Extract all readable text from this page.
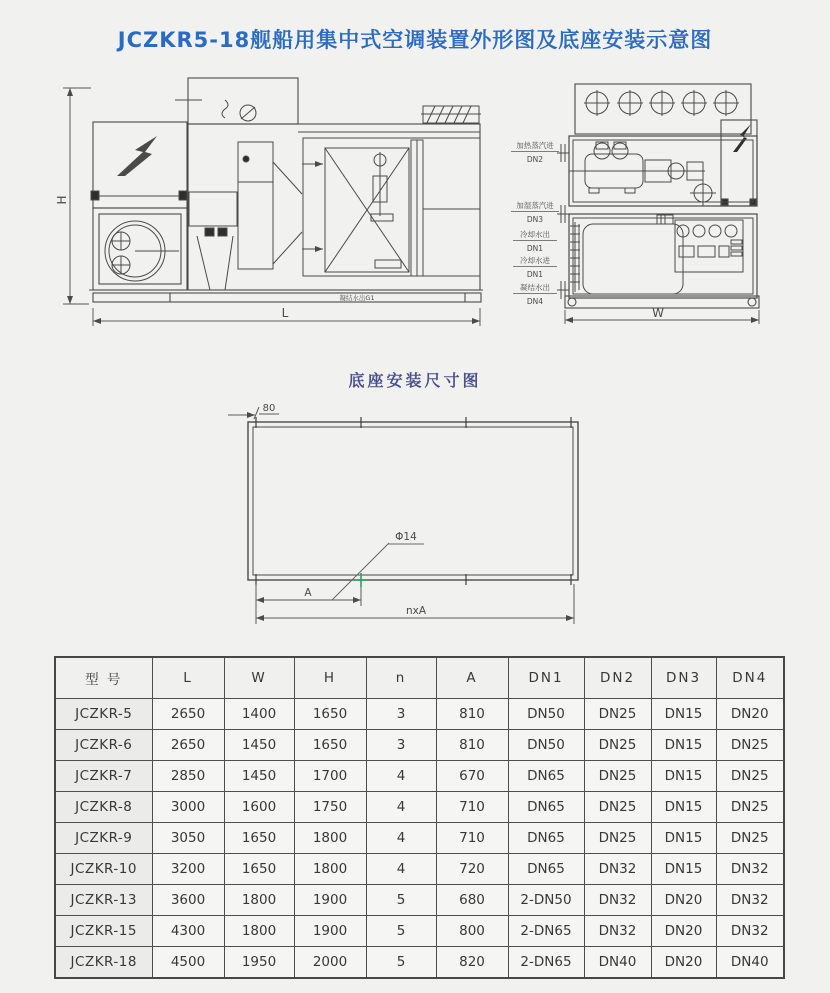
JCZKR5-18舰船用集中式空调装置外形图及底座安装示意图
H
凝结水出G1
L
加热蒸汽进
DN2
加湿蒸汽进
DN3
冷却水出
DN1
冷却水进
DN1
凝结水出
DN4
W
底座安装尺寸图
Φ14
80
A
nxA
型 号	L	W	H	n	A	DN1	DN2	DN3	DN4
JCZKR-5	2650	1400	1650	3	810	DN50	DN25	DN15	DN20
JCZKR-6	2650	1450	1650	3	810	DN50	DN25	DN15	DN25
JCZKR-7	2850	1450	1700	4	670	DN65	DN25	DN15	DN25
JCZKR-8	3000	1600	1750	4	710	DN65	DN25	DN15	DN25
JCZKR-9	3050	1650	1800	4	710	DN65	DN25	DN15	DN25
JCZKR-10	3200	1650	1800	4	720	DN65	DN32	DN15	DN32
JCZKR-13	3600	1800	1900	5	680	2-DN50	DN32	DN20	DN32
JCZKR-15	4300	1800	1900	5	800	2-DN65	DN32	DN20	DN32
JCZKR-18	4500	1950	2000	5	820	2-DN65	DN40	DN20	DN40
